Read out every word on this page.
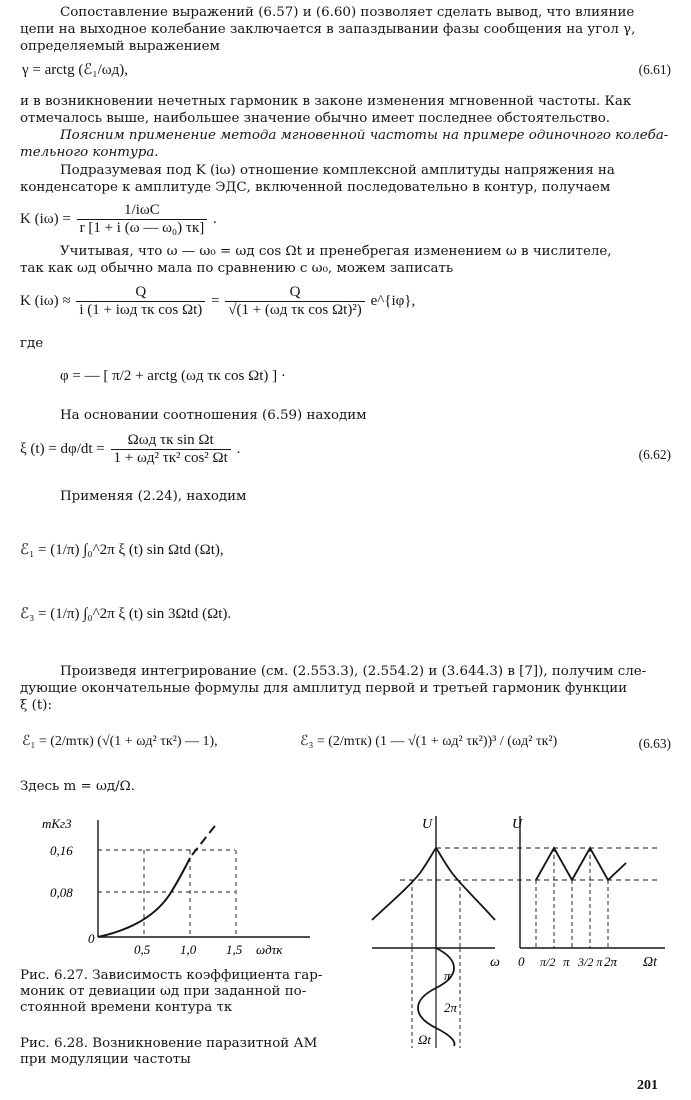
Сопоставление выражений (6.57) и (6.60) позволяет сделать вывод, что влияние
цепи на выходное колебание заключается в запаздывании фазы сообщения на угол γ,
определяемый выражением
γ = arctg (ℰ₁/ωд),	(6.61)
и в возникновении нечетных гармоник в законе изменения мгновенной частоты. Как
отмечалось выше, наибольшее значение обычно имеет последнее обстоятельство.
Поясним применение метода мгновенной частоты на примере одиночного колеба-
тельного контура.
Подразумевая под K (iω) отношение комплексной амплитуды напряжения на
конденсаторе к амплитуде ЭДС, включенной последовательно в контур, получаем
K $(i\omega) = \frac{\text{1/iωC}}{\text{r [1 + i (ω — ω₀) τк]}}$ .
Учитывая, что ω — ω₀ = ωд cos Ωt и пренебрегая изменением ω в числителе,
так как ωд обычно мала по сравнению с ω₀, можем записать
K $(i\omega) \approx \frac{Q}{\text{i (1 + iωд τк cos Ωt)}} = \frac{Q}{\text{√(1 + (ωд τк cos Ωt)²)}}$ e^{iφ},
где
φ = — [ π/2 + arctg (ωд τк cos Ωt) ] ·
На основании соотношения (6.59) находим
ξ $(t) = d\varphi/dt = \frac{\text{Ωωд τк sin Ωt}}{\text{1 + ωд² τк² cos² Ωt}}$ .	(6.62)
Применяя (2.24), находим
ℰ₁ = (1/π) ∫₀^2π ξ (t) sin Ωtd (Ωt),
ℰ₃ = (1/π) ∫₀^2π ξ (t) sin 3Ωtd (Ωt).
Произведя интегрирование (см. (2.553.3), (2.554.2) и (3.644.3) в [7]), получим сле-
дующие окончательные формулы для амплитуд первой и третьей гармоник функции
ξ (t):
ℰ₁ = (2/mτк) (√(1 + ωд² τк²) — 1),	ℰ₃ = (2/mτк) (1 — √(1 + ωд² τк²))³ / (ωд² τк²)	(6.63)
Здесь m = ωд/Ω.
mKг3
0,16
0,08
0
0,5 1,0 1,5 ωдτк
Рис. 6.27. Зависимость коэффициента гар-
моник от девиации ωд при заданной по-
стоянной времени контура τк
U	U
ω	Ωt
0 π/2 π 3/2 π 2π
π
2π
Ωt
Рис. 6.28. Возникновение паразитной АМ
при модуляции частоты
201
